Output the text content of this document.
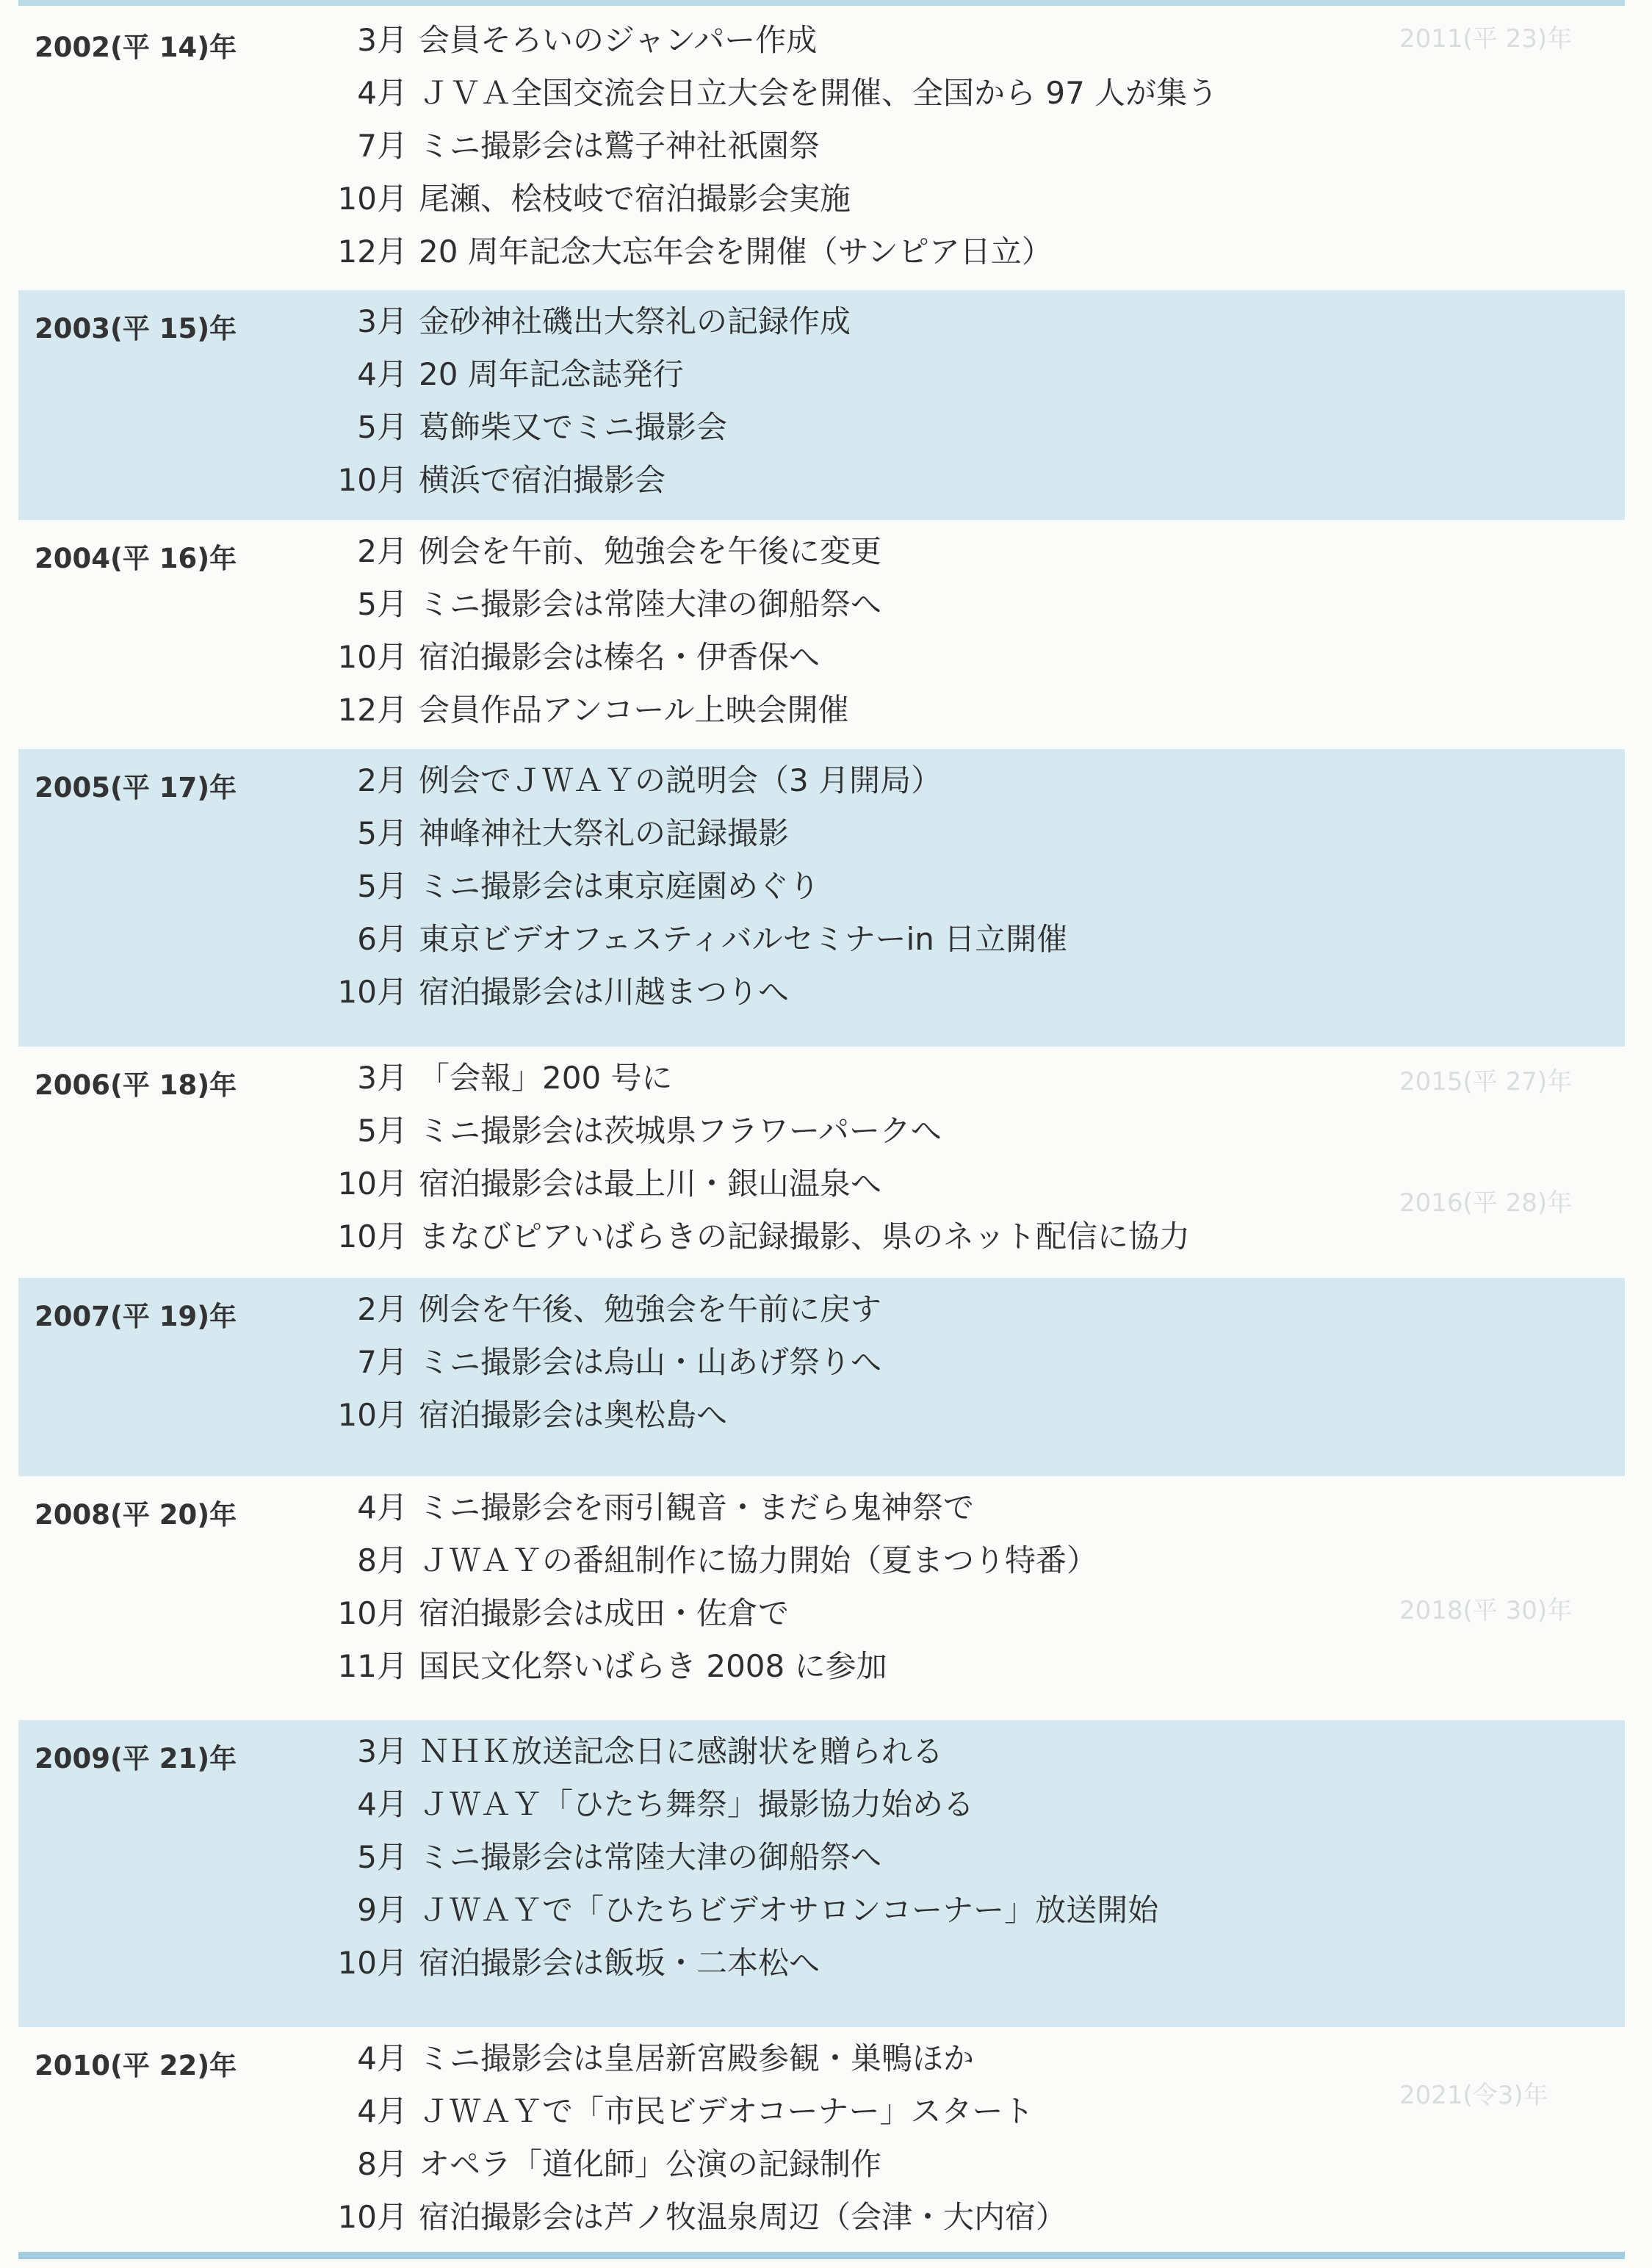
2011(平 23)年
2015(平 27)年
2016(平 28)年
2018(平 30)年
2021(令3)年
2002(平 14)年	3月 会員そろいのジャンパー作成
4月 ＪＶＡ全国交流会日立大会を開催、全国から 97 人が集う
7月 ミニ撮影会は鷲子神社祇園祭
10月 尾瀬、桧枝岐で宿泊撮影会実施
12月 20 周年記念大忘年会を開催（サンピア日立）
2003(平 15)年	3月 金砂神社磯出大祭礼の記録作成
4月 20 周年記念誌発行
5月 葛飾柴又でミニ撮影会
10月 横浜で宿泊撮影会
2004(平 16)年	2月 例会を午前、勉強会を午後に変更
5月 ミニ撮影会は常陸大津の御船祭へ
10月 宿泊撮影会は榛名・伊香保へ
12月 会員作品アンコール上映会開催
2005(平 17)年	2月 例会でＪＷＡＹの説明会（3 月開局）
5月 神峰神社大祭礼の記録撮影
5月 ミニ撮影会は東京庭園めぐり
6月 東京ビデオフェスティバルセミナーin 日立開催
10月 宿泊撮影会は川越まつりへ
2006(平 18)年	3月 「会報」200 号に
5月 ミニ撮影会は茨城県フラワーパークへ
10月 宿泊撮影会は最上川・銀山温泉へ
10月 まなびピアいばらきの記録撮影、県のネット配信に協力
2007(平 19)年	2月 例会を午後、勉強会を午前に戻す
7月 ミニ撮影会は烏山・山あげ祭りへ
10月 宿泊撮影会は奥松島へ
2008(平 20)年	4月 ミニ撮影会を雨引観音・まだら鬼神祭で
8月 ＪＷＡＹの番組制作に協力開始（夏まつり特番）
10月 宿泊撮影会は成田・佐倉で
11月 国民文化祭いばらき 2008 に参加
2009(平 21)年	3月 ＮＨＫ放送記念日に感謝状を贈られる
4月 ＪＷＡＹ「ひたち舞祭」撮影協力始める
5月 ミニ撮影会は常陸大津の御船祭へ
9月 ＪＷＡＹで「ひたちビデオサロンコーナー」放送開始
10月 宿泊撮影会は飯坂・二本松へ
2010(平 22)年	4月 ミニ撮影会は皇居新宮殿参観・巣鴨ほか
4月 ＪＷＡＹで「市民ビデオコーナー」スタート
8月 オペラ「道化師」公演の記録制作
10月 宿泊撮影会は芦ノ牧温泉周辺（会津・大内宿）
